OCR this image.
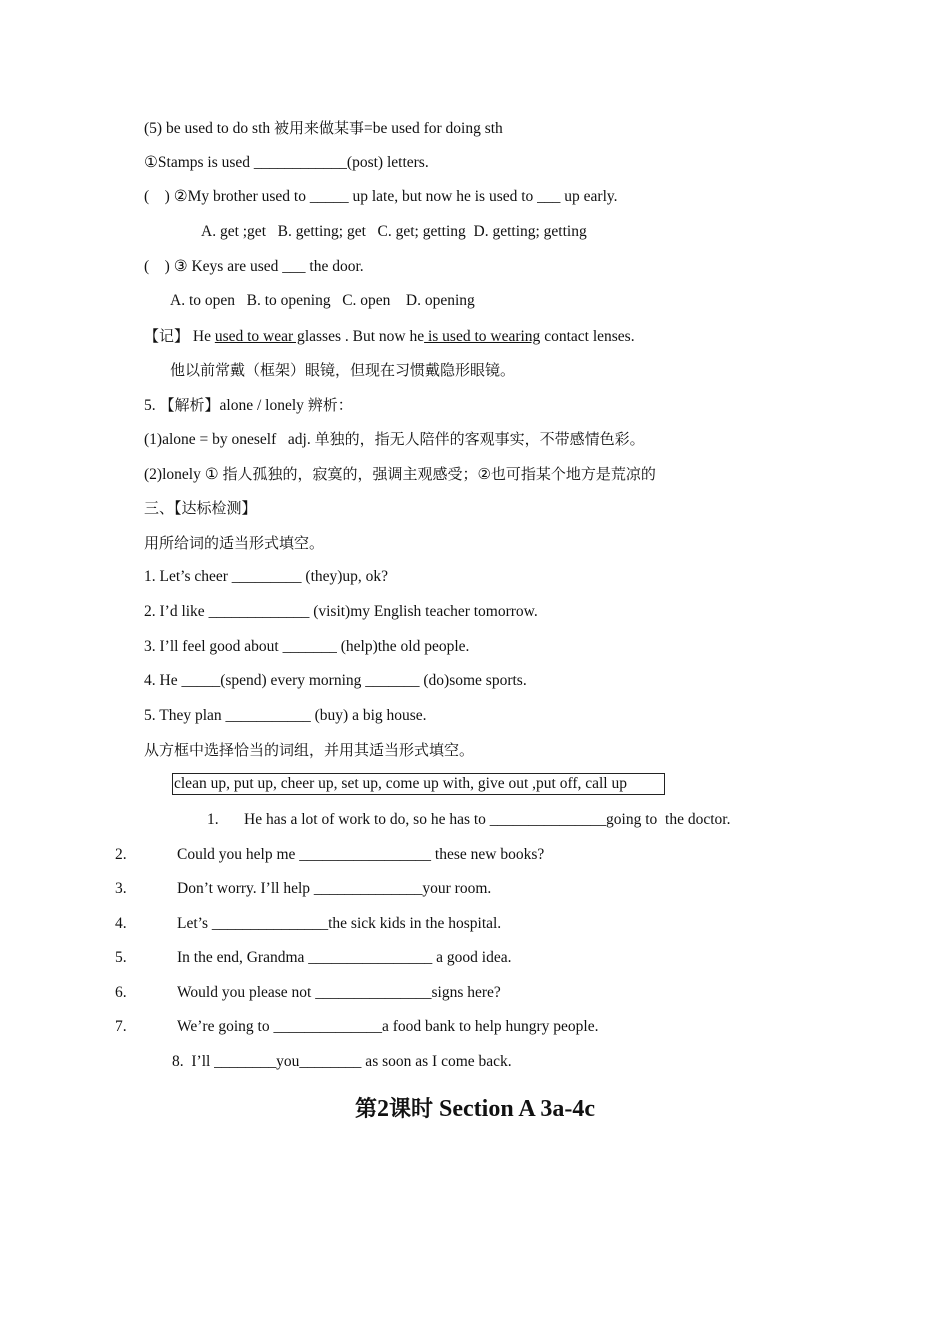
(5) be used to do sth 被用来做某事=be used for doing sth
①Stamps is used ____________(post) letters.
(    ) ②My brother used to _____ up late, but now he is used to ___ up early.
A. get ;get   B. getting; get   C. get; getting  D. getting; getting
(    ) ③ Keys are used ___ the door.
A. to open   B. to opening   C. open    D. opening
【记】 He used to wear glasses . But now he is used to wearing contact lenses.
他以前常戴（框架）眼镜，但现在习惯戴隐形眼镜。
5. 【解析】alone / lonely 辨析：
(1)alone = by oneself   adj. 单独的，指无人陪伴的客观事实，不带感情色彩。
(2)lonely ① 指人孤独的，寂寞的，强调主观感受；②也可指某个地方是荒凉的
三、【达标检测】
用所给词的适当形式填空。
1. Let’s cheer _________ (they)up, ok?
2. I’d like _____________ (visit)my English teacher tomorrow.
3. I’ll feel good about _______ (help)the old people.
4. He _____(spend) every morning _______ (do)some sports.
5. They plan ___________ (buy) a big house.
从方框中选择恰当的词组，并用其适当形式填空。
clean up, put up, cheer up, set up, come up with, give out ,put off, call up
1. He has a lot of work to do, so he has to _______________going to  the doctor.
2.	Could you help me _________________ these new books?
3.	Don’t worry. I’ll help ______________your room.
4.	Let’s _______________the sick kids in the hospital.
5.	In the end, Grandma ________________ a good idea.
6.	Would you please not _______________signs here?
7.	We’re going to ______________a food bank to help hungry people.
8.  I’ll ________you________ as soon as I come back.
第2课时 Section A 3a-4c
